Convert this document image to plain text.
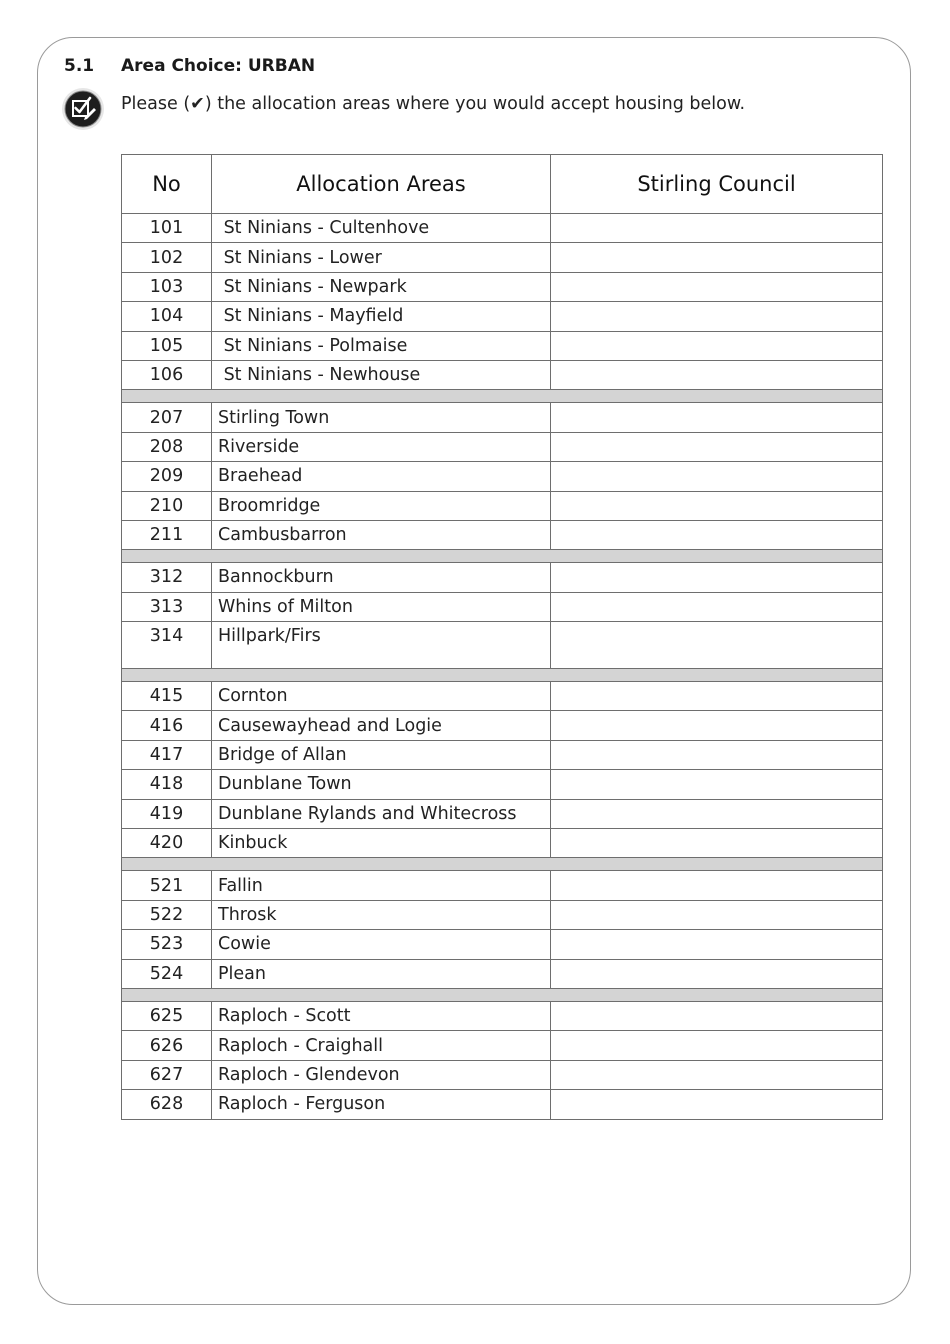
5.1 Area Choice: URBAN
Please (✔) the allocation areas where you would accept housing below.
No	Allocation Areas	Stirling Council
101	St Ninians - Cultenhove	
102	St Ninians - Lower	
103	St Ninians - Newpark	
104	St Ninians - Mayfield	
105	St Ninians - Polmaise	
106	St Ninians - Newhouse	

207	Stirling Town	
208	Riverside	
209	Braehead	
210	Broomridge	
211	Cambusbarron	

312	Bannockburn	
313	Whins of Milton	
314	Hillpark/Firs	

415	Cornton	
416	Causewayhead and Logie	
417	Bridge of Allan	
418	Dunblane Town	
419	Dunblane Rylands and Whitecross	
420	Kinbuck	

521	Fallin	
522	Throsk	
523	Cowie	
524	Plean	

625	Raploch - Scott	
626	Raploch - Craighall	
627	Raploch - Glendevon	
628	Raploch - Ferguson	
